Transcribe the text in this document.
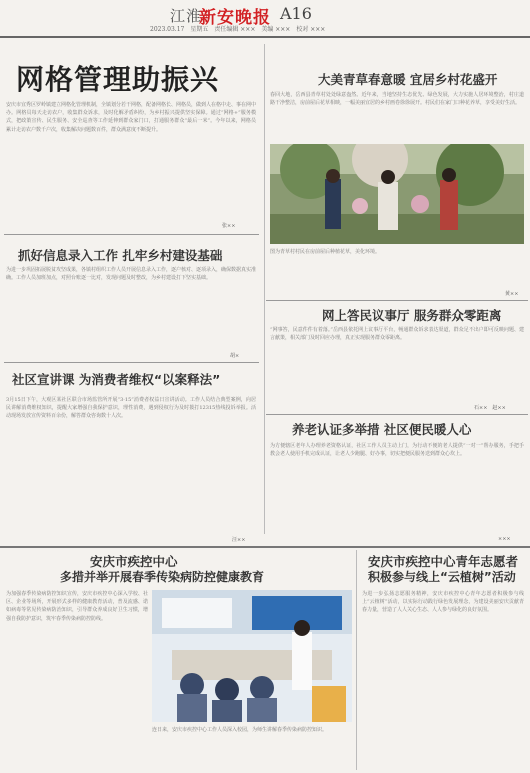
江淮
新安晚报 A16
2023.03.17　星期五　责任编辑 ×××　美编 ×××　校对 ×××
网格管理助振兴
安庆市宜秀区罗岭镇建立网格化管理机制，全镇划分若干网格，配备网格长、网格员，做到人在格中走、事在网中办。网格员每天走访农户，收集群众诉求，及时化解矛盾纠纷，为乡村振兴提供坚实保障。通过“网格+”服务模式，把政策宣传、民生服务、安全巡查等工作延伸到群众家门口，打通服务群众“最后一米”。今年以来，网格员累计走访农户数千户次，收集解决问题数百件，群众满意度不断提升。
张××
抓好信息录入工作 扎牢乡村建设基础
为进一步巩固拓展脱贫攻坚成果，各镇村组织工作人员开展信息录入工作，逐户核对、逐项录入，确保数据真实准确。工作人员加班加点，对照台账逐一比对，发现问题及时整改，为乡村建设打下坚实基础。
胡×
社区宣讲课 为消费者维权“以案释法”
3月15日下午，大观区某社区联合市场监管所开展“3·15”消费者权益日宣讲活动。工作人员结合典型案例，向居民讲解消费维权知识，提醒大家增强自我保护意识，理性消费，遇到侵权行为及时拨打12315热线投诉举报。活动现场发放宣传资料百余份，解答群众咨询数十人次。
汪××
大美青草春意暖 宜居乡村花盛开
春回大地，岳西县青草村处处绿意盎然。近年来，当地坚持生态优先、绿色发展，大力实施人居环境整治，村庄道路干净整洁，房前屋后花草相映，一幅美丽宜居的乡村画卷徐徐展开。村民们在家门口种花养草，享受美好生活。
图为青草村村民在房前屋后种植花草，美化环境。
黄××
网上答民议事厅 服务群众零距离
“网事答，民意件件有着落。”岳西县依托网上议事厅平台，畅通群众诉求表达渠道，群众足不出户即可反映问题、建言献策，相关部门及时回应办理，真正实现服务群众零距离。
石××　赵××
养老认证多举措 社区便民暖人心
为方便辖区老年人办理养老资格认证，社区工作人员主动上门，为行动不便的老人提供“一对一”帮办服务，手把手教会老人使用手机完成认证，让老人少跑腿、好办事，切实把便民服务送到群众心坎上。
×××
安庆市疾控中心
多措并举开展春季传染病防控健康教育
为加强春季传染病防控知识宣传，安庆市疾控中心深入学校、社区、企业等场所，开展形式多样的健康教育活动，普及流感、诺如病毒等常见传染病防治知识，引导群众养成良好卫生习惯，增强自我防护意识，筑牢春季传染病防控防线。
连日来，安庆市疾控中心工作人员深入校园，为师生讲解春季传染病防控知识。
安庆市疾控中心青年志愿者
积极参与线上“云植树”活动
为进一步弘扬志愿服务精神，安庆市疾控中心青年志愿者积极参与线上“云植树”活动，以实际行动践行绿色发展理念，为建设美丽安庆贡献青春力量，营造了人人关心生态、人人参与绿化的良好氛围。
